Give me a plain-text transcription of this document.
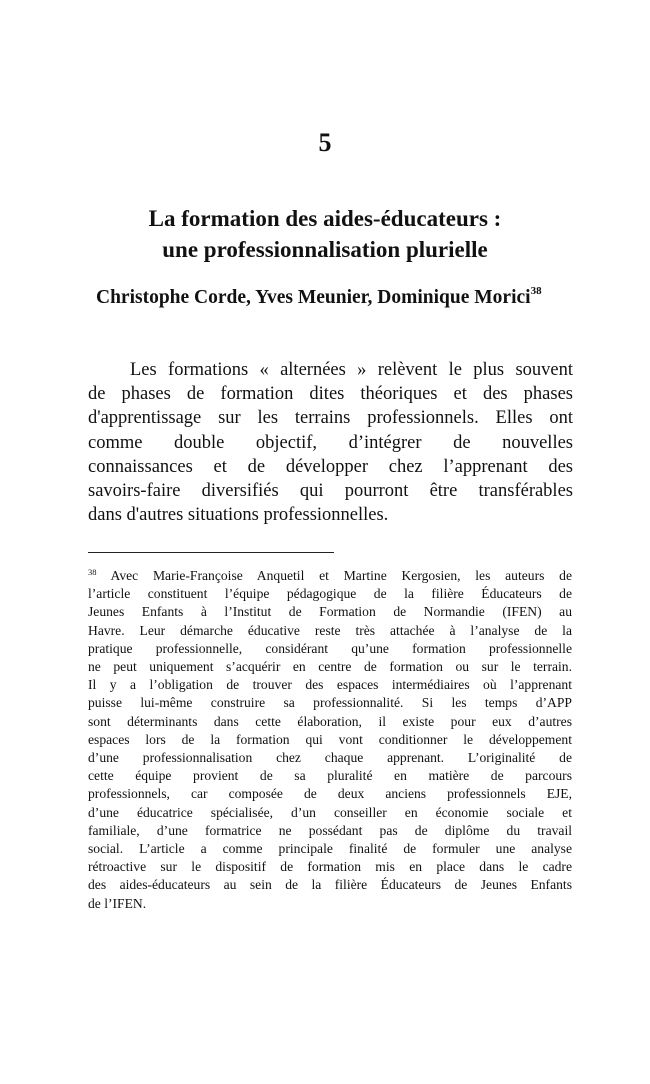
5
La formation des aides-éducateurs :
une professionnalisation plurielle
Christophe Corde, Yves Meunier, Dominique Morici$^{38}$
Les formations « alternées » relèvent le plus souvent
de phases de formation dites théoriques et des phases
d'apprentissage sur les terrains professionnels. Elles ont
comme double objectif, d’intégrer de nouvelles
connaissances et de développer chez l’apprenant des
savoirs-faire diversifiés qui pourront être transférables
dans d'autres situations professionnelles.
$^{38}$ Avec Marie-Françoise Anquetil et Martine Kergosien, les auteurs de
l’article constituent l’équipe pédagogique de la filière Éducateurs de
Jeunes Enfants à l’Institut de Formation de Normandie (IFEN) au
Havre. Leur démarche éducative reste très attachée à l’analyse de la
pratique professionnelle, considérant qu’une formation professionnelle
ne peut uniquement s’acquérir en centre de formation ou sur le terrain.
Il y a l’obligation de trouver des espaces intermédiaires où l’apprenant
puisse lui-même construire sa professionnalité. Si les temps d’APP
sont déterminants dans cette élaboration, il existe pour eux d’autres
espaces lors de la formation qui vont conditionner le développement
d’une professionnalisation chez chaque apprenant. L’originalité de
cette équipe provient de sa pluralité en matière de parcours
professionnels, car composée de deux anciens professionnels EJE,
d’une éducatrice spécialisée, d’un conseiller en économie sociale et
familiale, d’une formatrice ne possédant pas de diplôme du travail
social. L’article a comme principale finalité de formuler une analyse
rétroactive sur le dispositif de formation mis en place dans le cadre
des aides-éducateurs au sein de la filière Éducateurs de Jeunes Enfants
de l’IFEN.
